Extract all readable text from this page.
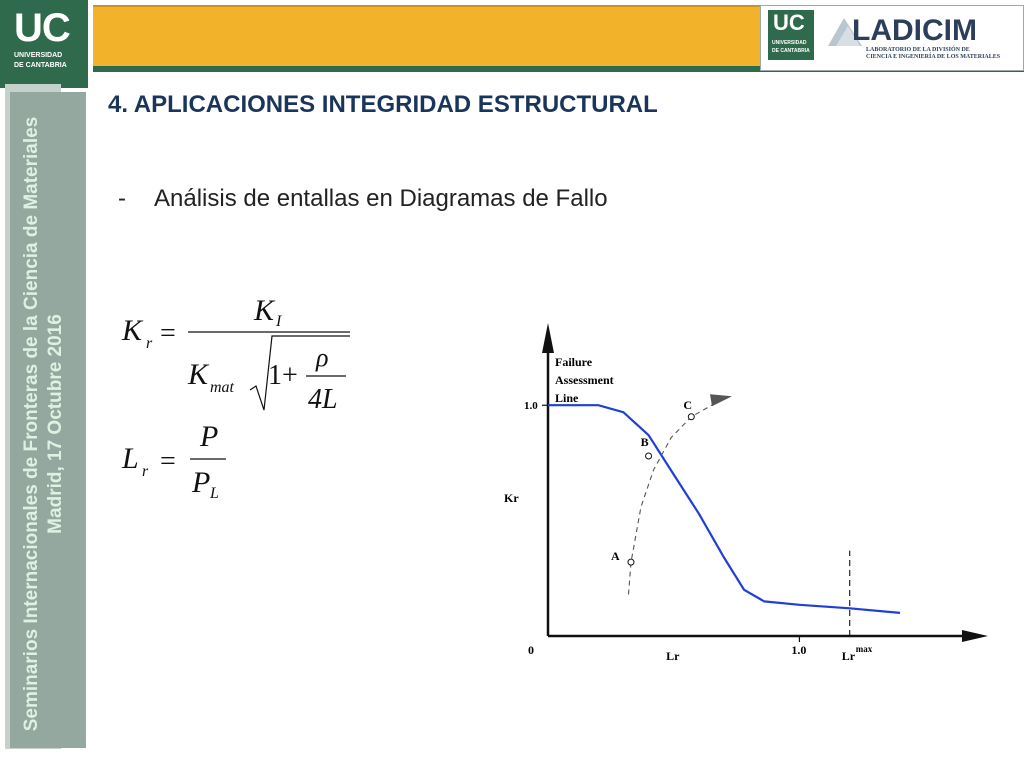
UC
UNIVERSIDAD
DE CANTABRIA
UC
UNIVERSIDAD
DE CANTABRIA
LADICIM
LABORATORIO DE LA DIVISIÓN DE
CIENCIA E INGENIERÍA DE LOS MATERIALES
Seminarios Internacionales de Fronteras de la Ciencia de Materiales Madrid, 17 Octubre 2016
4. APLICACIONES INTEGRIDAD ESTRUCTURAL
- Análisis de entallas en Diagramas de Fallo
K r =
K I
K mat 1+
ρ
4L
L r =
P
P L
0
1.0
1.0
Lr
Kr
Lr max
Failure
Assessment
Line
A
B
C
